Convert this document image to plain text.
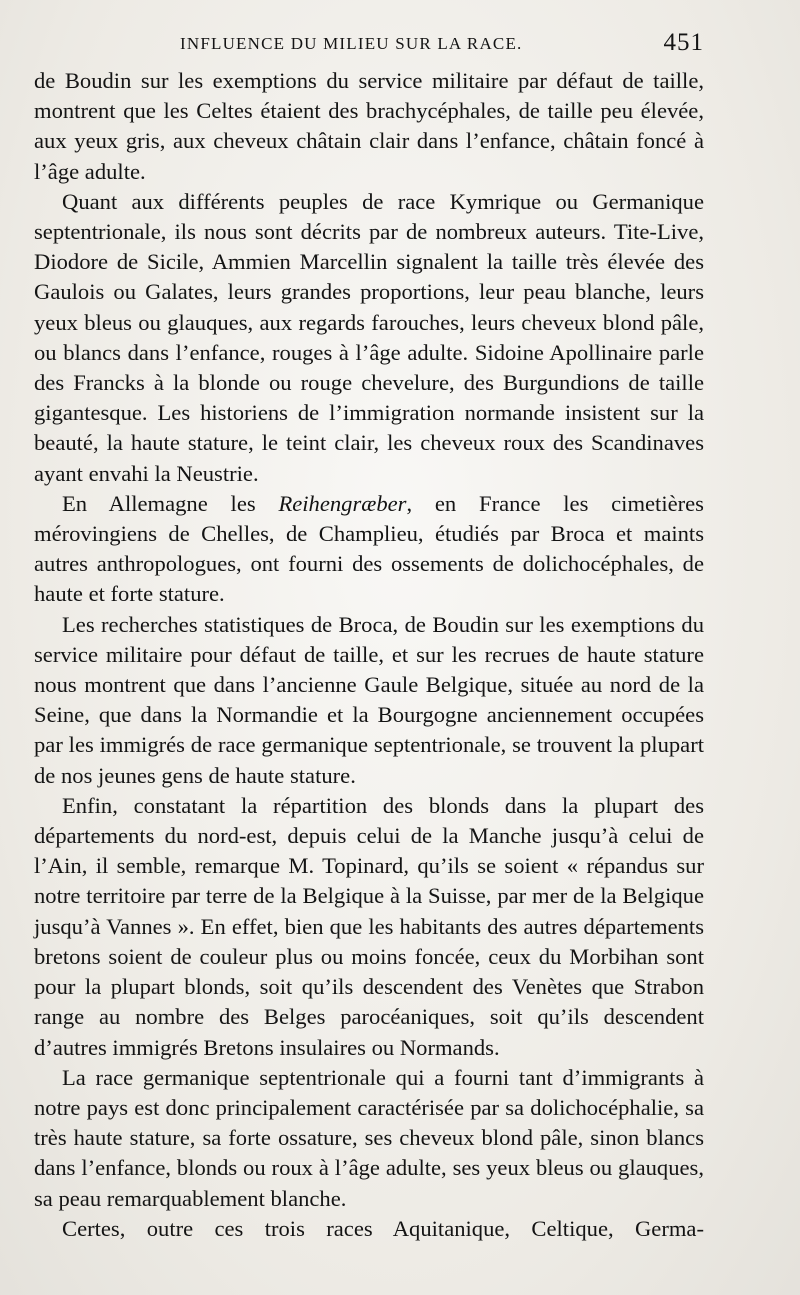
INFLUENCE DU MILIEU SUR LA RACE.	451

de Boudin sur les exemptions du service militaire par défaut de taille, montrent que les Celtes étaient des brachycéphales, de taille peu élevée, aux yeux gris, aux cheveux châtain clair dans l’enfance, châtain foncé à l’âge adulte.

Quant aux différents peuples de race Kymrique ou Germanique septentrionale, ils nous sont décrits par de nombreux auteurs. Tite-Live, Diodore de Sicile, Ammien Marcellin signalent la taille très élevée des Gaulois ou Galates, leurs grandes proportions, leur peau blanche, leurs yeux bleus ou glauques, aux regards farouches, leurs cheveux blond pâle, ou blancs dans l’enfance, rouges à l’âge adulte. Sidoine Apollinaire parle des Francks à la blonde ou rouge chevelure, des Burgundions de taille gigantesque. Les historiens de l’immigration normande insistent sur la beauté, la haute stature, le teint clair, les cheveux roux des Scandinaves ayant envahi la Neustrie.

En Allemagne les Reihengræber, en France les cimetières mérovingiens de Chelles, de Champlieu, étudiés par Broca et maints autres anthropologues, ont fourni des ossements de dolichocéphales, de haute et forte stature.

Les recherches statistiques de Broca, de Boudin sur les exemptions du service militaire pour défaut de taille, et sur les recrues de haute stature nous montrent que dans l’ancienne Gaule Belgique, située au nord de la Seine, que dans la Normandie et la Bourgogne anciennement occupées par les immigrés de race germanique septentrionale, se trouvent la plupart de nos jeunes gens de haute stature.

Enfin, constatant la répartition des blonds dans la plupart des départements du nord-est, depuis celui de la Manche jusqu’à celui de l’Ain, il semble, remarque M. Topinard, qu’ils se soient « répandus sur notre territoire par terre de la Belgique à la Suisse, par mer de la Belgique jusqu’à Vannes ». En effet, bien que les habitants des autres départements bretons soient de couleur plus ou moins foncée, ceux du Morbihan sont pour la plupart blonds, soit qu’ils descendent des Venètes que Strabon range au nombre des Belges parocéaniques, soit qu’ils descendent d’autres immigrés Bretons insulaires ou Normands.

La race germanique septentrionale qui a fourni tant d’immigrants à notre pays est donc principalement caractérisée par sa dolichocéphalie, sa très haute stature, sa forte ossature, ses cheveux blond pâle, sinon blancs dans l’enfance, blonds ou roux à l’âge adulte, ses yeux bleus ou glauques, sa peau remarquablement blanche.

Certes, outre ces trois races Aquitanique, Celtique, Germa-
